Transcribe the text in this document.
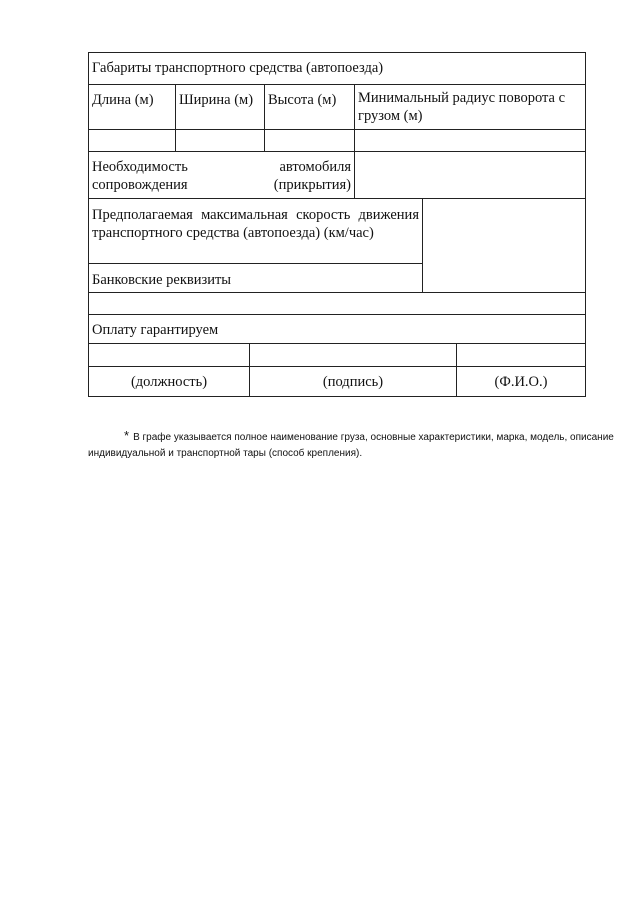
Габариты транспортного средства (автопоезда)
Длина (м)	Ширина (м)	Высота (м)	Минимальный радиус поворота с грузом (м)
Необходимость автомобиля сопровождения (прикрытия)
Предполагаемая максимальная скорость движения транспортного средства (автопоезда) (км/час)
Банковские реквизиты
Оплату гарантируем
(должность)	(подпись)	(Ф.И.О.)
* В графе указывается полное наименование груза, основные характеристики, марка, модель, описание индивидуальной и транспортной тары (способ крепления).
